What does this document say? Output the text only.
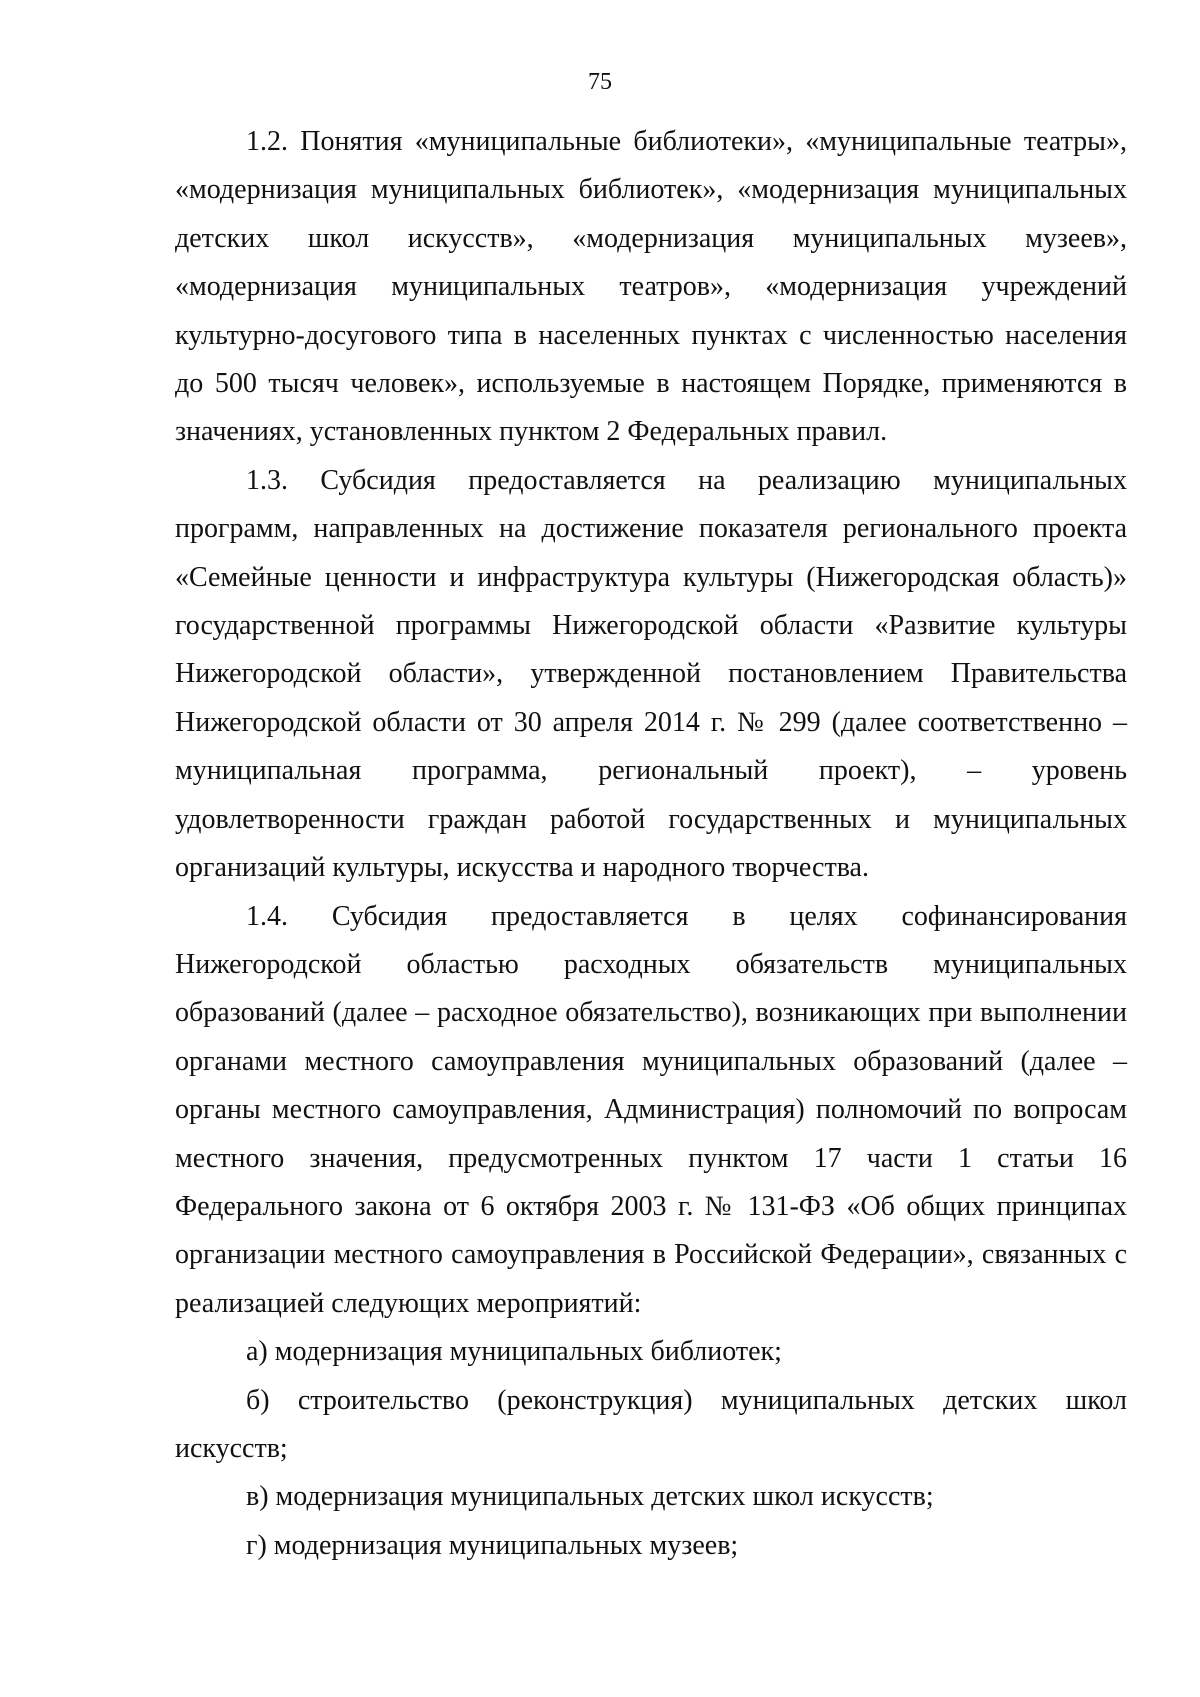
75

1.2. Понятия «муниципальные библиотеки», «муниципальные театры», «модернизация муниципальных библиотек», «модернизация муниципальных детских школ искусств», «модернизация муниципальных музеев», «модернизация муниципальных театров», «модернизация учреждений культурно-досугового типа в населенных пунктах с численностью населения до 500 тысяч человек», используемые в настоящем Порядке, применяются в значениях, установленных пунктом 2 Федеральных правил.

1.3. Субсидия предоставляется на реализацию муниципальных программ, направленных на достижение показателя регионального проекта «Семейные ценности и инфраструктура культуры (Нижегородская область)» государственной программы Нижегородской области «Развитие культуры Нижегородской области», утвержденной постановлением Правительства Нижегородской области от 30 апреля 2014 г. № 299 (далее соответственно – муниципальная программа, региональный проект), – уровень удовлетворенности граждан работой государственных и муниципальных организаций культуры, искусства и народного творчества.

1.4. Субсидия предоставляется в целях софинансирования Нижегородской областью расходных обязательств муниципальных образований (далее – расходное обязательство), возникающих при выполнении органами местного самоуправления муниципальных образований (далее – органы местного самоуправления, Администрация) полномочий по вопросам местного значения, предусмотренных пунктом 17 части 1 статьи 16 Федерального закона от 6 октября 2003 г. № 131-ФЗ «Об общих принципах организации местного самоуправления в Российской Федерации», связанных с реализацией следующих мероприятий:

а) модернизация муниципальных библиотек;

б) строительство (реконструкция) муниципальных детских школ искусств;

в) модернизация муниципальных детских школ искусств;

г) модернизация муниципальных музеев;
